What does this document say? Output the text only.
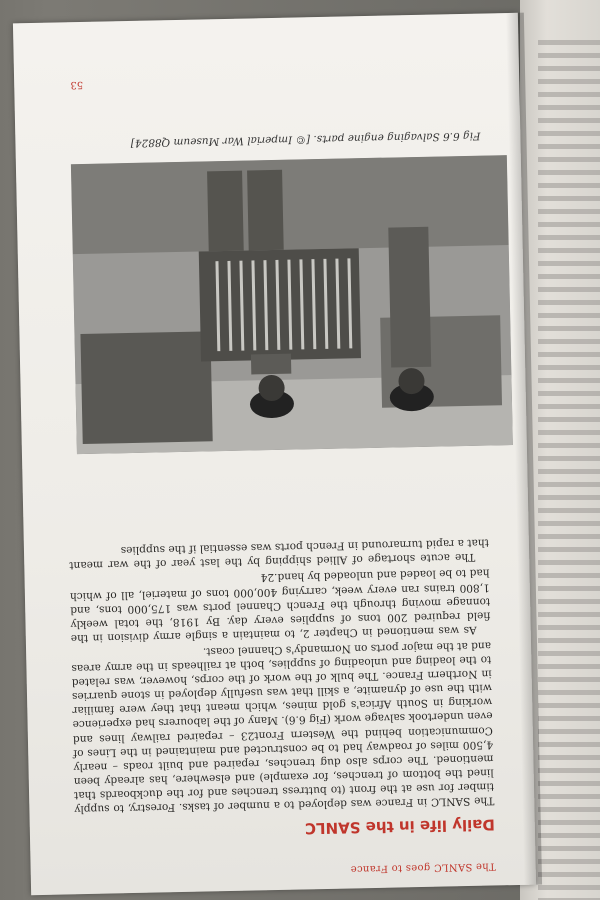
The SANLC goes to France
Daily life in the SANLC

The SANLC in France was deployed to a number of tasks. Forestry, to supply timber for use at the front (to buttress trenches and for the duckboards that lined the bottom of trenches, for example) and elsewhere, has already been mentioned. The corps also dug trenches, repaired and built roads – nearly 4,500 miles of roadway had to be constructed and maintained in the Lines of Communication behind the Western Front23 – repaired railway lines and even undertook salvage work (Fig 6.6). Many of the labourers had experience working in South Africa's gold mines, which meant that they were familiar with the use of dynamite, a skill that was usefully deployed in stone quarries in Northern France. The bulk of the work of the corps, however, was related to the loading and unloading of supplies, both at railheads in the army areas and at the major ports on Normandy's Channel coast.

As was mentioned in Chapter 2, to maintain a single army division in the field required 200 tons of supplies every day. By 1918, the total weekly tonnage moving through the French Channel ports was 175,000 tons, and 1,800 trains ran every week, carrying 400,000 tons of materiel, all of which had to be loaded and unloaded by hand.24

The acute shortage of Allied shipping by the last year of the war meant that a rapid turnaround in French ports was essential if the supplies

Fig 6.6 Salvaging engine parts. [© Imperial War Museum Q8824]
53
